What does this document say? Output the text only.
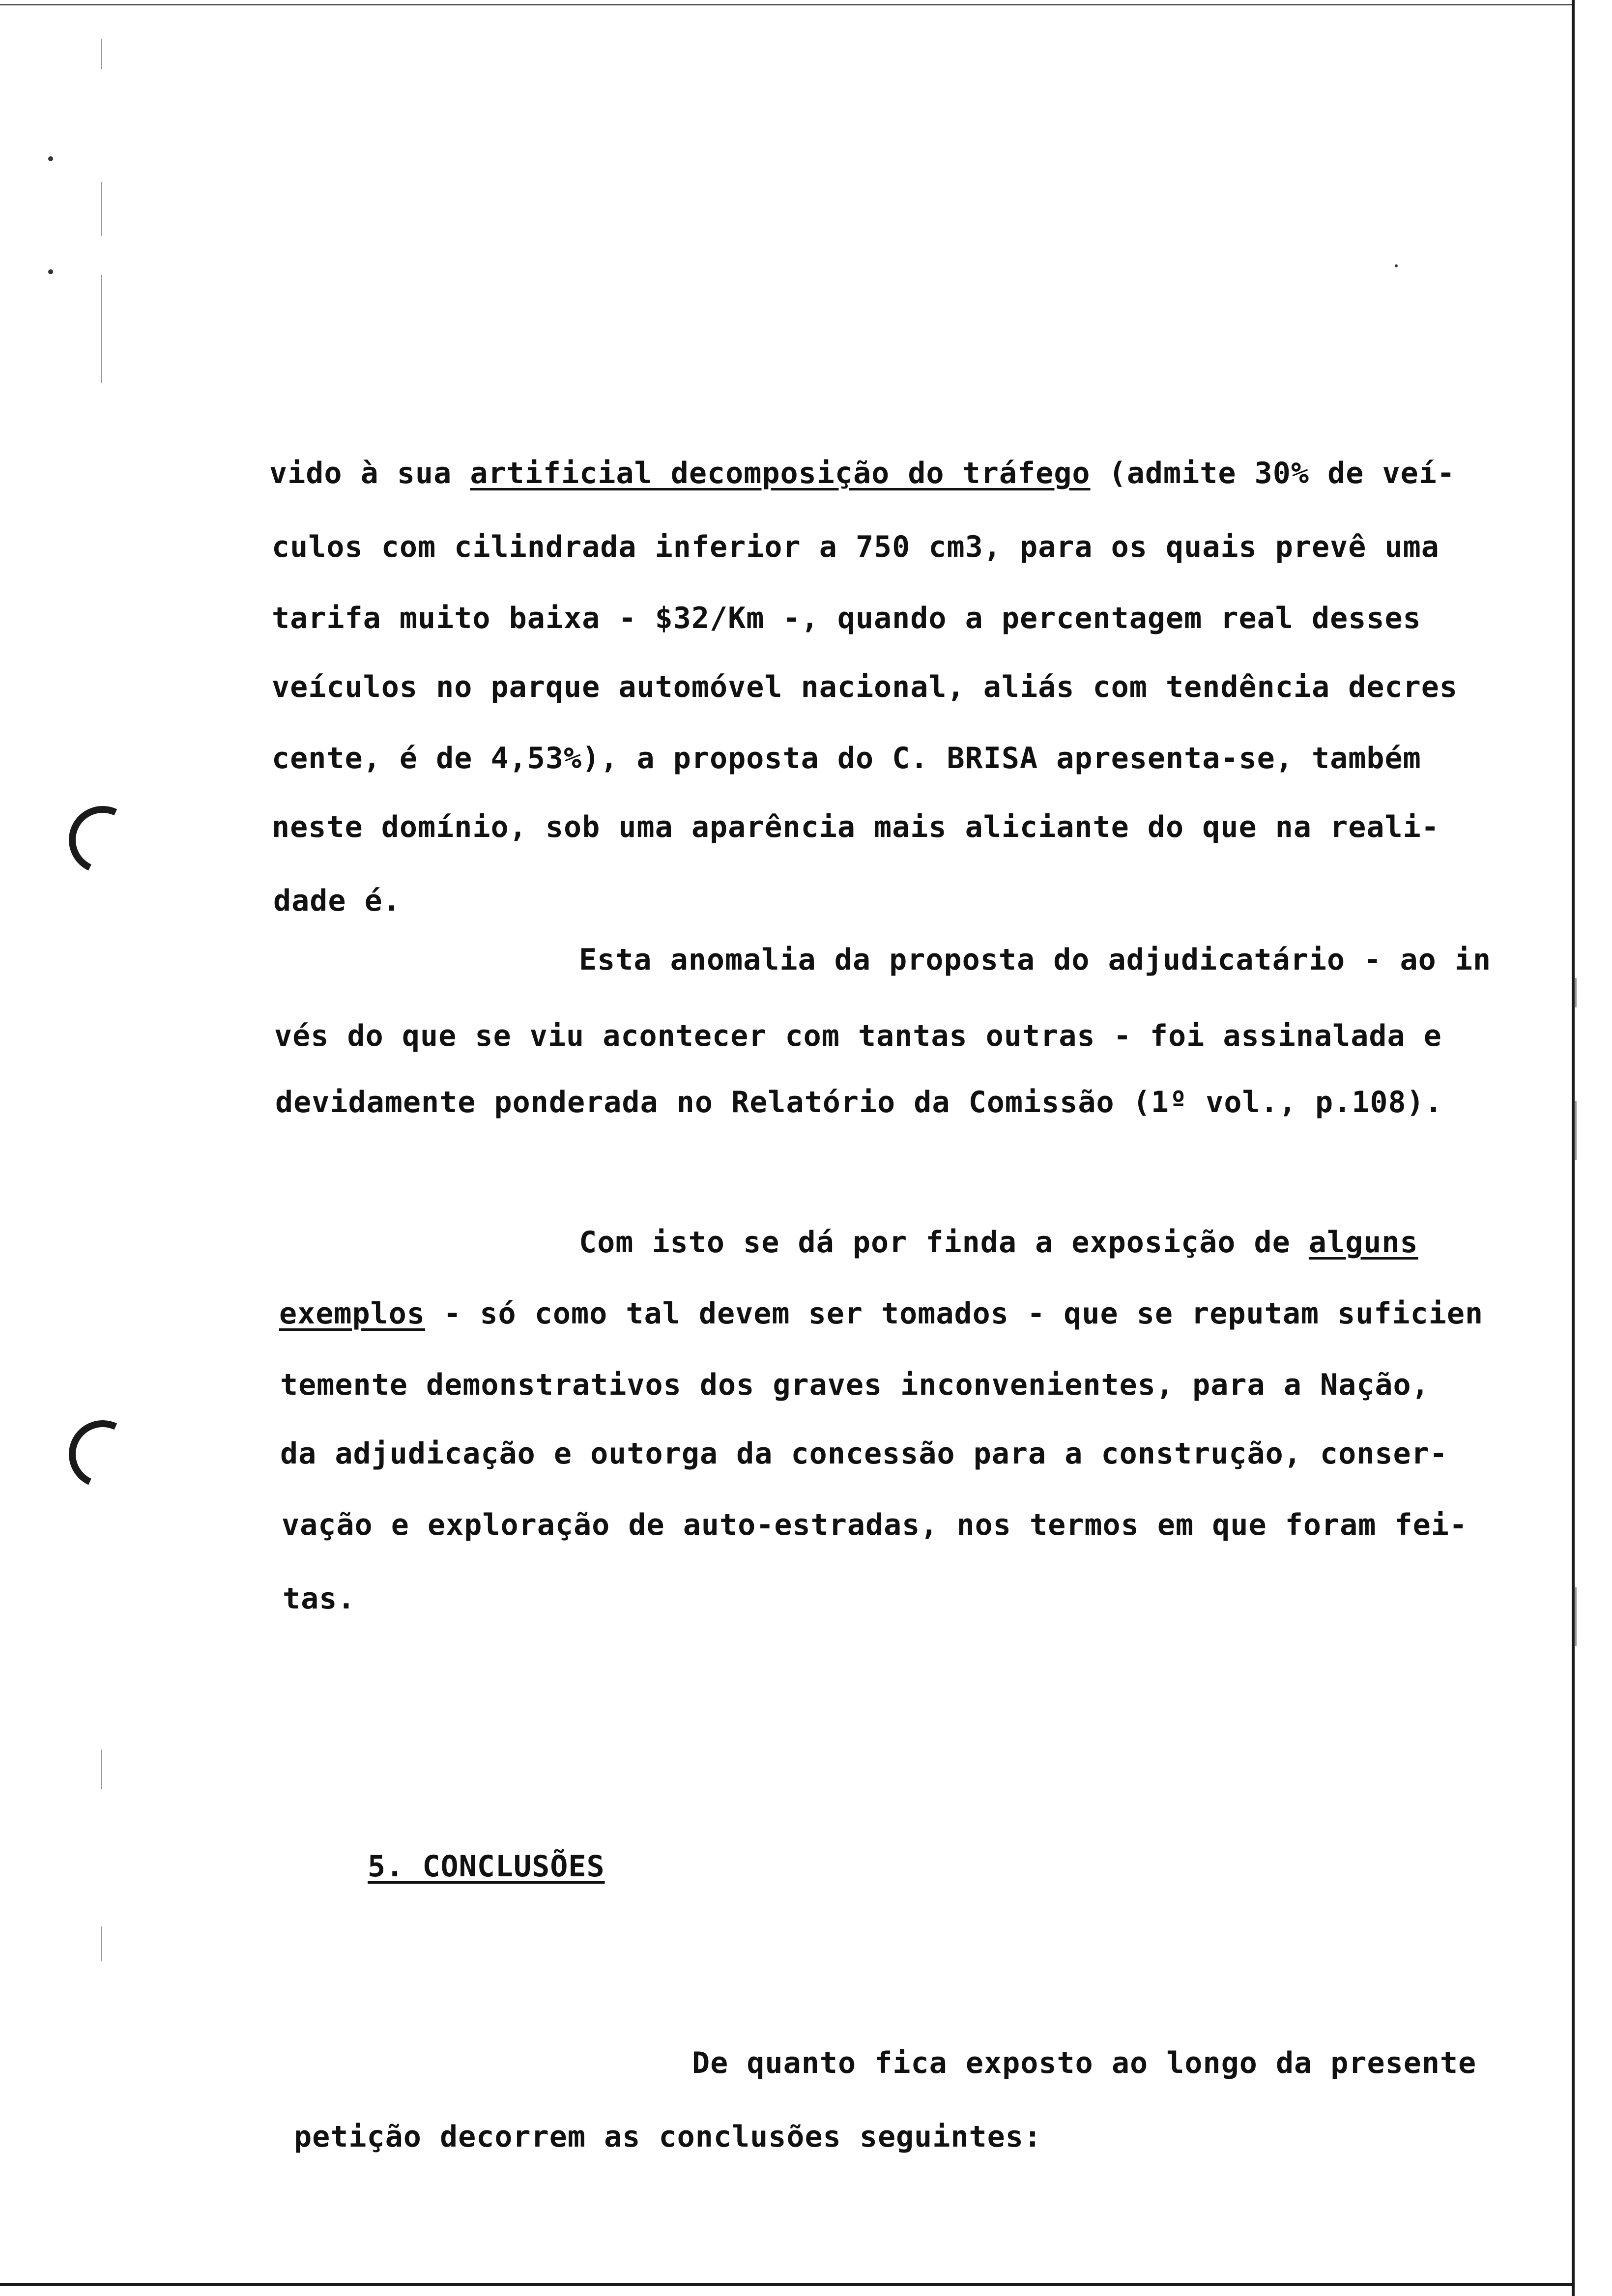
vido à sua artificial decomposição do tráfego (admite 30% de veí-
culos com cilindrada inferior a 750 cm3, para os quais prevê uma
tarifa muito baixa - $32/Km -, quando a percentagem real desses
veículos no parque automóvel nacional, aliás com tendência decres
cente, é de 4,53%), a proposta do C. BRISA apresenta-se, também
neste domínio, sob uma aparência mais aliciante do que na reali-
dade é.
Esta anomalia da proposta do adjudicatário - ao in
vés do que se viu acontecer com tantas outras - foi assinalada e
devidamente ponderada no Relatório da Comissão (1º vol., p.108).
Com isto se dá por finda a exposição de alguns
exemplos - só como tal devem ser tomados - que se reputam suficien
temente demonstrativos dos graves inconvenientes, para a Nação,
da adjudicação e outorga da concessão para a construção, conser-
vação e exploração de auto-estradas, nos termos em que foram fei-
tas.
5. CONCLUSÕES
De quanto fica exposto ao longo da presente
petição decorrem as conclusões seguintes:
